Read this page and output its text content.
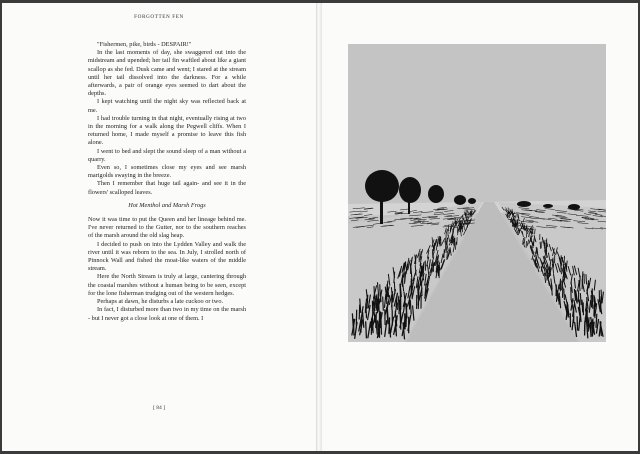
FORGOTTEN FEN

"Fishermen, pike, birds - DESPAIR!"

In the last moments of day, she swaggered out into the midstream and upended; her tail fin waftled about like a giant scallop as she fed. Dusk came and went; I stared at the stream until her tail dissolved into the darkness. For a while afterwards, a pair of orange eyes seemed to dart about the depths.

I kept watching until the night sky was reflected back at me.

I had trouble turning in that night, eventually rising at two in the morning for a walk along the Pegwell cliffs. When I returned home, I made myself a promise to leave this fish alone.

I went to bed and slept the sound sleep of a man without a quarry.

Even so, I sometimes close my eyes and see marsh marigolds swaying in the breeze.

Then I remember that huge tail again- and see it in the flowers' scalloped leaves.

Hot Menthol and Marsh Frogs

Now it was time to put the Queen and her lineage behind me. I've never returned to the Gutter, nor to the southern reaches of the marsh around the old slag heap.

I decided to push on into the Lydden Valley and walk the river until it was reborn to the sea. In July, I strolled north of Pinnock Wall and fished the moat-like waters of the middle stream.

Here the North Stream is truly at large, cantering through the coastal marshes without a human being to be seen, except for the lone fisherman trudging out of the western hedges.

Perhaps at dawn, he disturbs a late cuckoo or two.

In fact, I disturbed more than two in my time on the marsh - but I never got a close look at one of them. I

[ 84 ]
